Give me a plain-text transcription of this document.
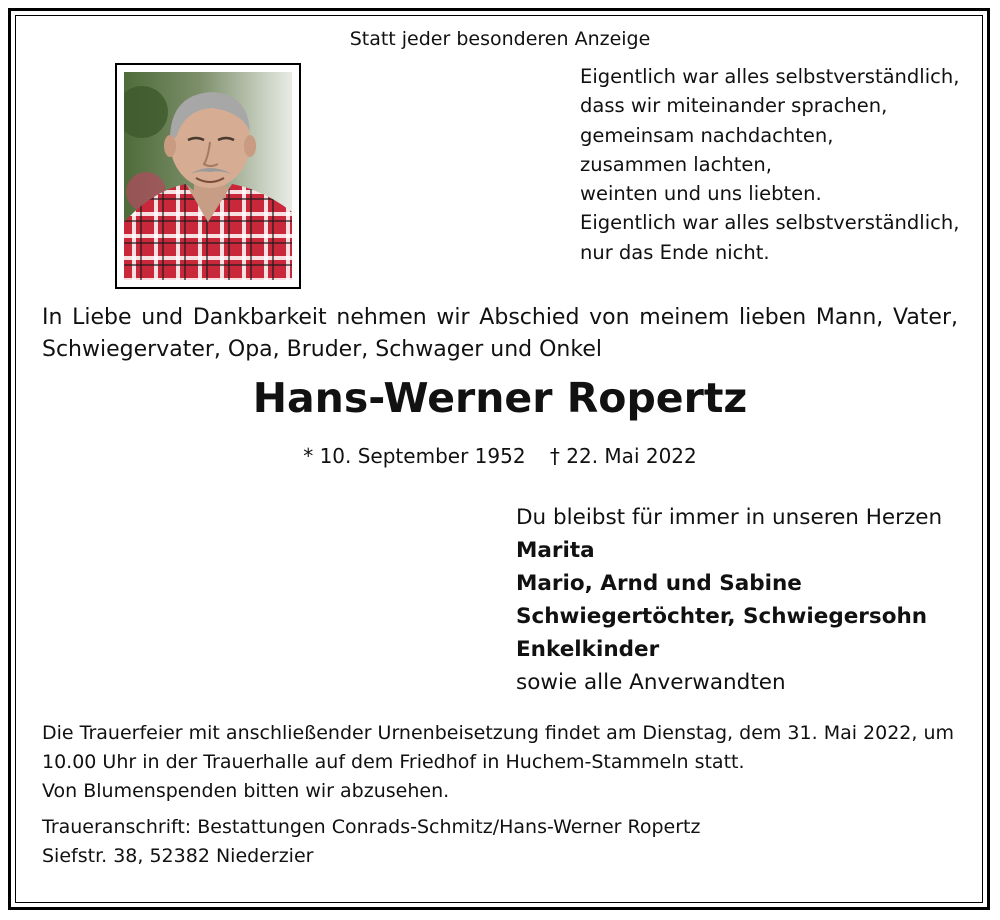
Statt jeder besonderen Anzeige
Eigentlich war alles selbstverständlich,
dass wir miteinander sprachen,
gemeinsam nachdachten,
zusammen lachten,
weinten und uns liebten.
Eigentlich war alles selbstverständlich,
nur das Ende nicht.
In Liebe und Dankbarkeit nehmen wir Abschied von meinem lieben Mann, Vater, Schwiegervater, Opa, Bruder, Schwager und Onkel
Hans-Werner Ropertz
* 10. September 1952 † 22. Mai 2022
Du bleibst für immer in unseren Herzen
Marita
Mario, Arnd und Sabine
Schwiegertöchter, Schwiegersohn
Enkelkinder
sowie alle Anverwandten
Die Trauerfeier mit anschließender Urnenbeisetzung findet am Dienstag, dem 31. Mai 2022, um
10.00 Uhr in der Trauerhalle auf dem Friedhof in Huchem-Stammeln statt.
Von Blumenspenden bitten wir abzusehen.
Traueranschrift: Bestattungen Conrads-Schmitz/Hans-Werner Ropertz
Siefstr. 38, 52382 Niederzier
